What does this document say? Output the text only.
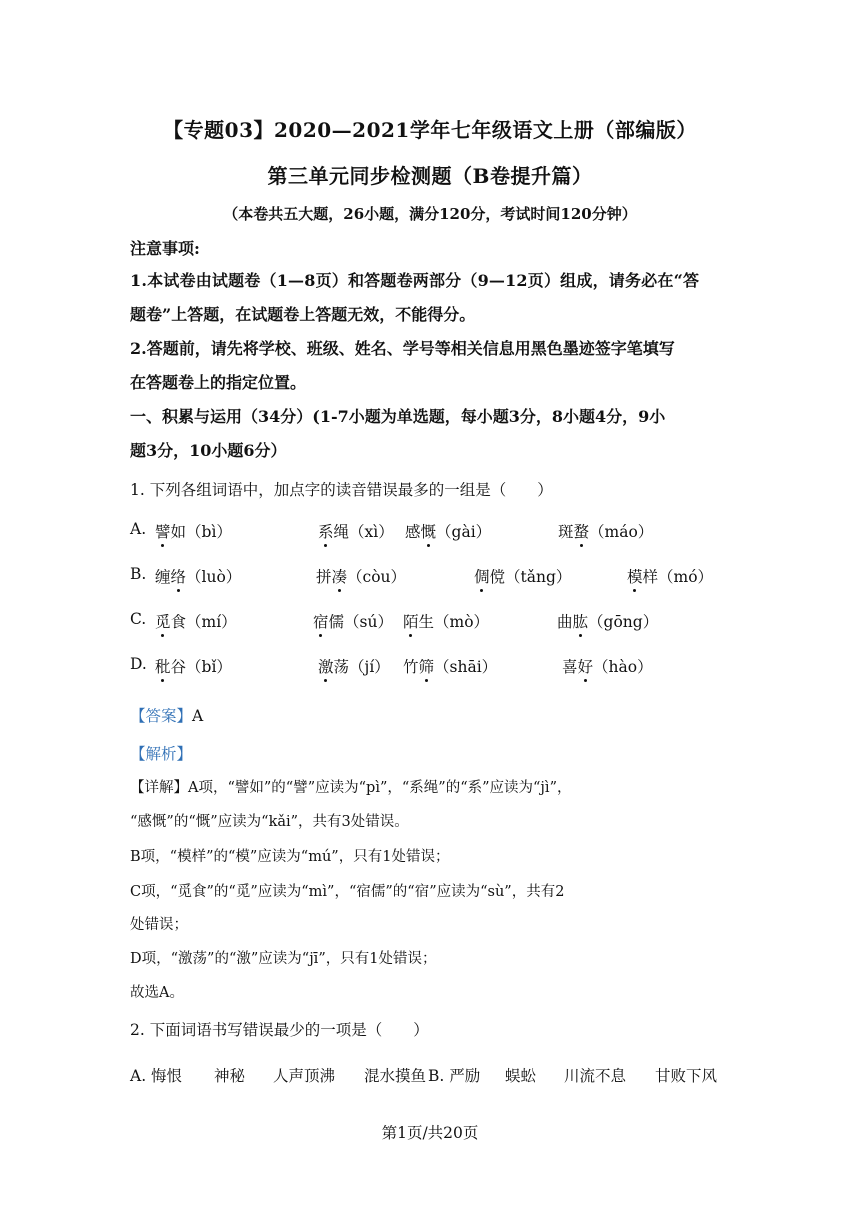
【专题03】2020—2021学年七年级语文上册（部编版）
第三单元同步检测题（B卷提升篇）
（本卷共五大题，26小题，满分120分，考试时间120分钟）
注意事项:
1.本试卷由试题卷（1—8页）和答题卷两部分（9—12页）组成，请务必在“答
题卷”上答题，在试题卷上答题无效，不能得分。
2.答题前，请先将学校、班级、姓名、学号等相关信息用黑色墨迹签字笔填写
在答题卷上的指定位置。
一、积累与运用（34分）(1-7小题为单选题，每小题3分，8小题4分，9小
题3分，10小题6分）
1. 下列各组词语中，加点字的读音错误最多的一组是（　　）
A. 譬如（bì）	系绳（xì） 感慨（gài）	斑蝥（máo）
B. 缠络（luò）	拼凑（còu）	倜傥（tǎng）	模样（mó）
C. 觅食（mí）	宿儒（sú） 陌生（mò）	曲肱（gōng）
D. 秕谷（bǐ）	激荡（jí） 竹筛（shāi）	喜好（hào）
【答案】A
【解析】
【详解】A项，“譬如”的“譬”应读为“pì”，“系绳”的“系”应读为“jì”，
“感慨”的“慨”应读为“kǎi”，共有3处错误。
B项，“模样”的“模”应读为“mú”，只有1处错误；
C项，“觅食”的“觅”应读为“mì”，“宿儒”的“宿”应读为“sù”，共有2
处错误；
D项，“激荡”的“激”应读为“jī”，只有1处错误；
故选A。
2. 下面词语书写错误最少的一项是（　　）
A. 悔恨 神秘 人声顶沸 混水摸鱼 B. 严励 蜈蚣 川流不息 甘败下风
第1页/共20页
